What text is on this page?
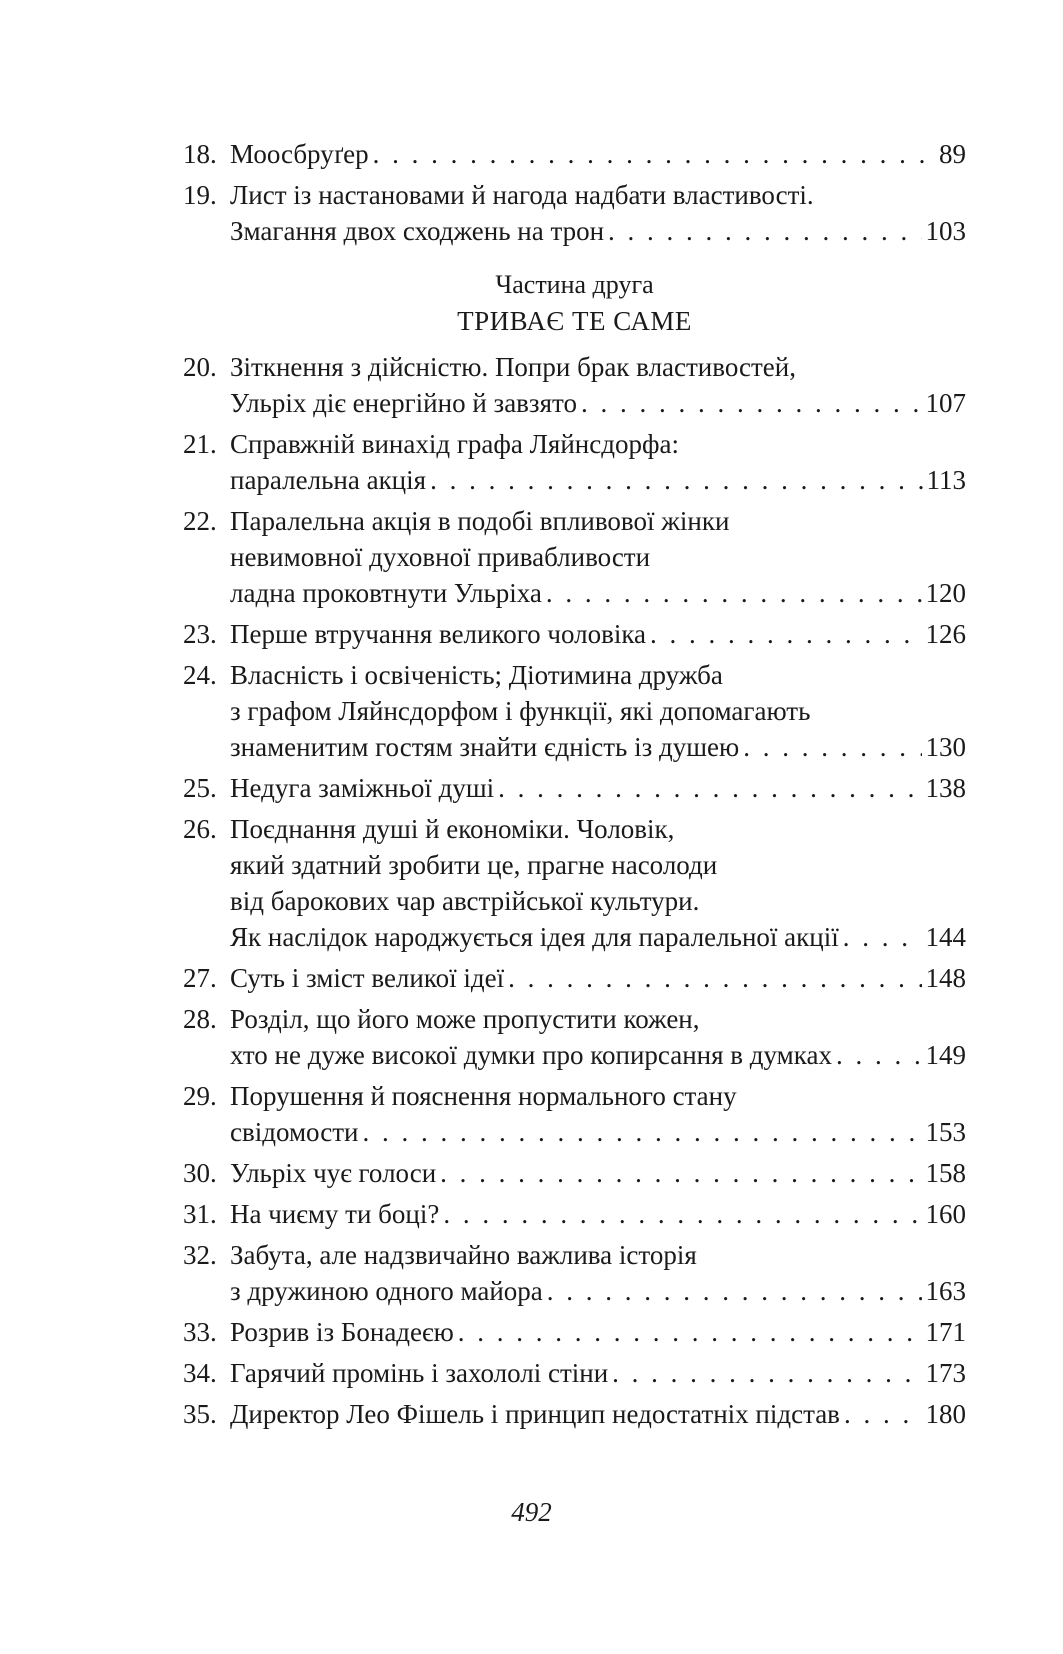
18. Моосбруґер . . .	89
19. Лист із настановами й нагода надбати властивості.
Змагання двох сходжень на трон . . .	103
Частина друга
ТРИВАЄ ТЕ САМЕ
20. Зіткнення з дійсністю. Попри брак властивостей,
Ульріх діє енергійно й завзято . . .	107
21. Справжній винахід графа Ляйнсдорфа:
паралельна акція . . .	113
22. Паралельна акція в подобі впливової жінки
невимовної духовної привабливости
ладна проковтнути Ульріха . . .	120
23. Перше втручання великого чоловіка . . .	126
24. Власність і освіченість; Діотимина дружба
з графом Ляйнсдорфом і функції, які допомагають
знаменитим гостям знайти єдність із душею . . .	130
25. Недуга заміжньої душі . . .	138
26. Поєднання душі й економіки. Чоловік,
який здатний зробити це, прагне насолоди
від барокових чар австрійської культури.
Як наслідок народжується ідея для паралельної акції . . .	144
27. Суть і зміст великої ідеї . . .	148
28. Розділ, що його може пропустити кожен,
хто не дуже високої думки про копирсання в думках . . .	149
29. Порушення й пояснення нормального стану
свідомости . . .	153
30. Ульріх чує голоси . . .	158
31. На чиєму ти боці? . . .	160
32. Забута, але надзвичайно важлива історія
з дружиною одного майора . . .	163
33. Розрив із Бонадеєю . . .	171
34. Гарячий промінь і захололі стіни . . .	173
35. Директор Лео Фішель і принцип недостатніх підстав . . .	180
492
